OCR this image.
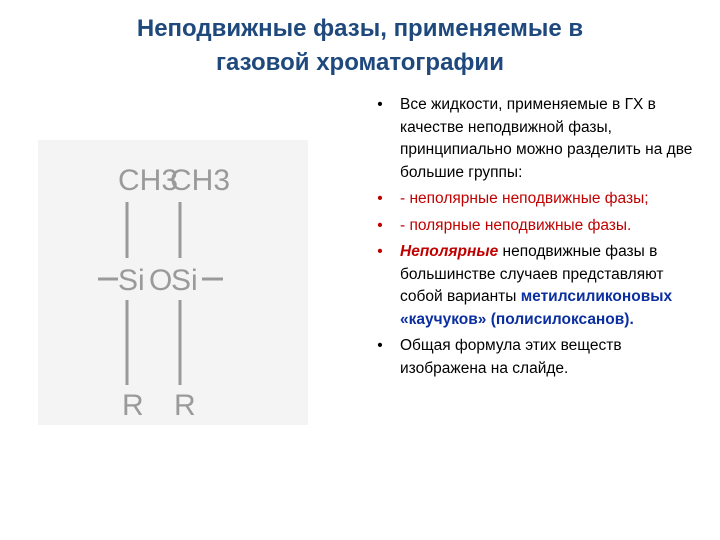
Неподвижные фазы, применяемые в
газовой хроматографии
CH3
CH3
Si O
Si
R R
• Все жидкости, применяемые в ГХ в качестве неподвижной фазы, принципиально можно разделить на две большие группы:
• - неполярные неподвижные фазы;
• - полярные неподвижные фазы.
• Неполярные неподвижные фазы в большинстве случаев представляют собой варианты метилсиликоновых «каучуков» (полисилоксанов).
• Общая формула этих веществ изображена на слайде.
